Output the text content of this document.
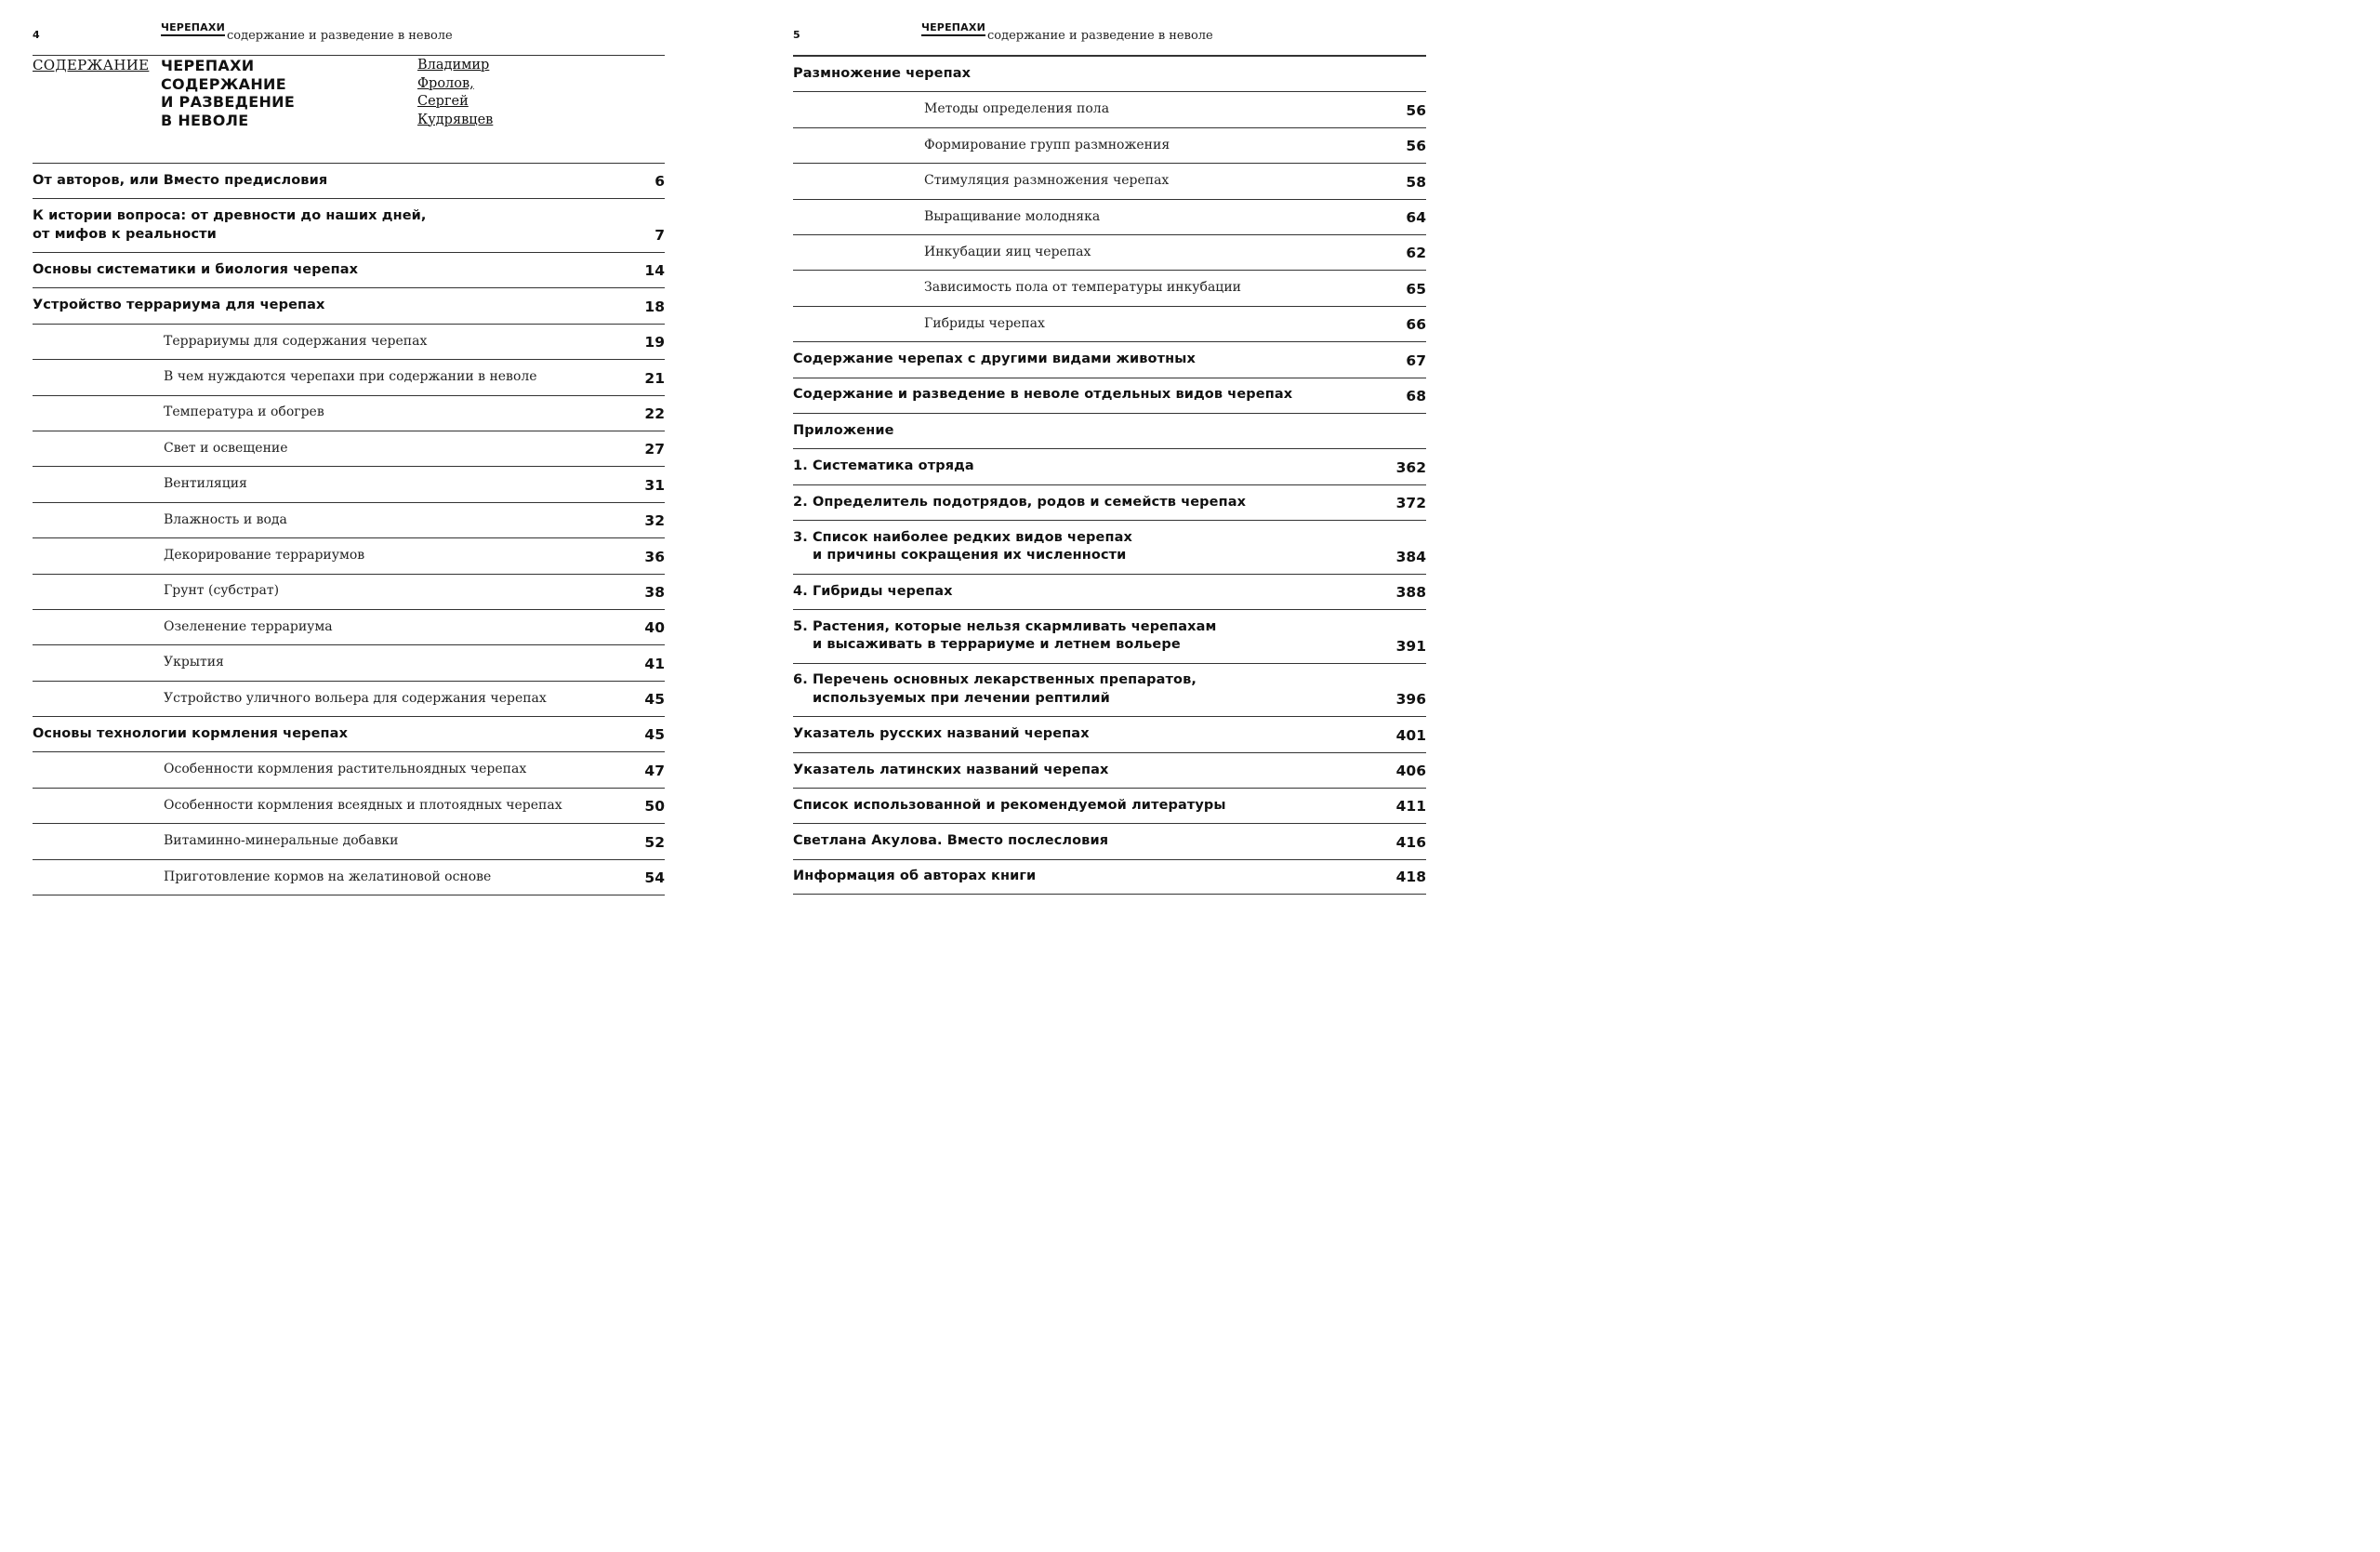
4
ЧЕРЕПАХИ
содержание и разведение в неволе
СОДЕРЖАНИЕ ЧЕРЕПАХИ
СОДЕРЖАНИЕ
И РАЗВЕДЕНИЕ
В НЕВОЛЕ
Владимир
Фролов,
Сергей
Кудрявцев
От авторов, или Вместо предисловия	6
К истории вопроса: от древности до наших дней,
от мифов к реальности	7
Основы систематики и биология черепах	14
Устройство террариума для черепах	18
Террариумы для содержания черепах	19
В чем нуждаются черепахи при содержании в неволе	21
Температура и обогрев	22
Свет и освещение	27
Вентиляция	31
Влажность и вода	32
Декорирование террариумов	36
Грунт (субстрат)	38
Озеленение террариума	40
Укрытия	41
Устройство уличного вольера для содержания черепах	45
Основы технологии кормления черепах	45
Особенности кормления растительноядных черепах	47
Особенности кормления всеядных и плотоядных черепах	50
Витаминно-минеральные добавки	52
Приготовление кормов на желатиновой основе	54
5
ЧЕРЕПАХИ
содержание и разведение в неволе
Размножение черепах
Методы определения пола	56
Формирование групп размножения	56
Стимуляция размножения черепах	58
Выращивание молодняка	64
Инкубации яиц черепах	62
Зависимость пола от температуры инкубации	65
Гибриды черепах	66
Содержание черепах с другими видами животных	67
Содержание и разведение в неволе отдельных видов черепах	68
Приложение
1. Систематика отряда	362
2. Определитель подотрядов, родов и семейств черепах	372
3. Список наиболее редких видов черепах
и причины сокращения их численности	384
4. Гибриды черепах	388
5. Растения, которые нельзя скармливать черепахам
и высаживать в террариуме и летнем вольере	391
6. Перечень основных лекарственных препаратов,
используемых при лечении рептилий	396
Указатель русских названий черепах	401
Указатель латинских названий черепах	406
Список использованной и рекомендуемой литературы	411
Светлана Акулова. Вместо послесловия	416
Информация об авторах книги	418
